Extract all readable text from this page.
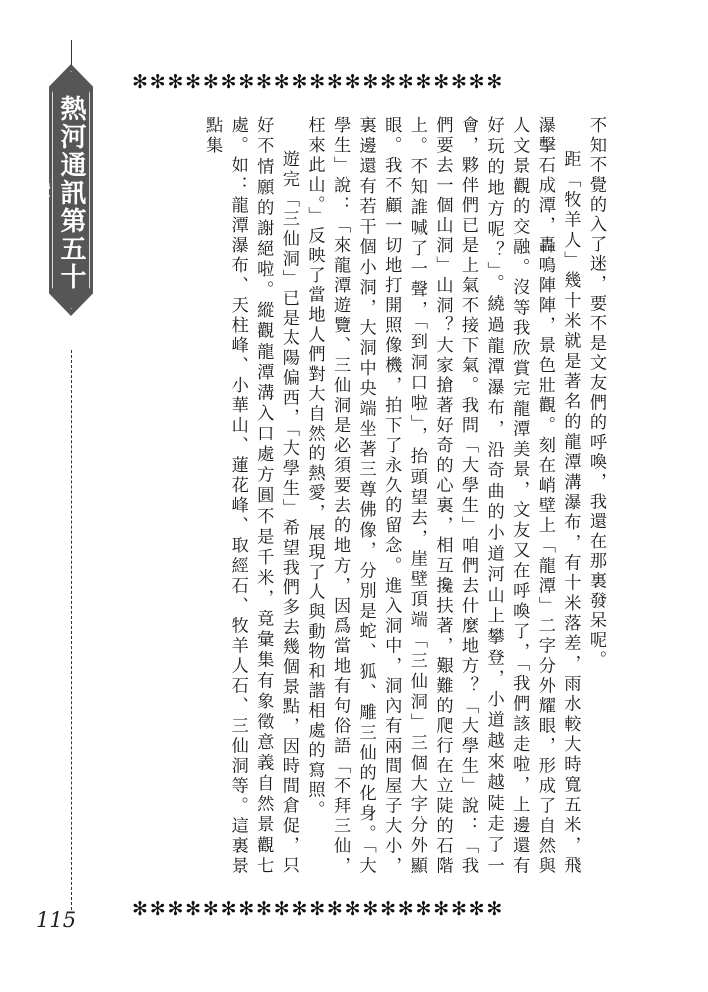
熱河通訊第五十九期
✻✻✻✻✻✻✻✻✻✻✻✻✻✻✻✻✻✻✻✻✻

不知不覺的入了迷，要不是文友們的呼喚，我還在那裏發呆呢。

距「牧羊人」幾十米就是著名的龍潭溝瀑布，有十米落差，雨水較大時寬五米，飛瀑擊石成潭，轟鳴陣陣，景色壯觀。刻在峭壁上「龍潭」二字分外耀眼，形成了自然與人文景觀的交融。沒等我欣賞完龍潭美景，文友又在呼喚了，「我們該走啦，上邊還有好玩的地方呢？」。繞過龍潭瀑布，沿奇曲的小道河山上攀登，小道越來越陡走了一會，夥伴們已是上氣不接下氣。我問「大學生」咱們去什麼地方？「大學生」說：「我們要去一個山洞」山洞？大家搶著好奇的心裏，相互攙扶著，艱難的爬行在立陡的石階上。不知誰喊了一聲，「到洞口啦」，抬頭望去，崖壁頂端「三仙洞」三個大字分外顯眼。我不顧一切地打開照像機，拍下了永久的留念。進入洞中，洞內有兩間屋子大小，裏邊還有若干個小洞，大洞中央端坐著三尊佛像，分別是蛇、狐、雕三仙的化身。「大學生」說：「來龍潭遊覽、三仙洞是必須要去的地方，因爲當地有句俗語「不拜三仙，枉來此山。」反映了當地人們對大自然的熱愛，展現了人與動物和諧相處的寫照。

遊完「三仙洞」已是太陽偏西，「大學生」希望我們多去幾個景點，因時間倉促，只好不情願的謝絕啦。縱觀龍潭溝入口處方圓不是千米，竟彙集有象徵意義自然景觀七處。如：龍潭瀑布、天柱峰、小華山、蓮花峰、取經石、牧羊人石、三仙洞等。這裏景點集

✻✻✻✻✻✻✻✻✻✻✻✻✻✻✻✻✻✻✻✻✻
115
